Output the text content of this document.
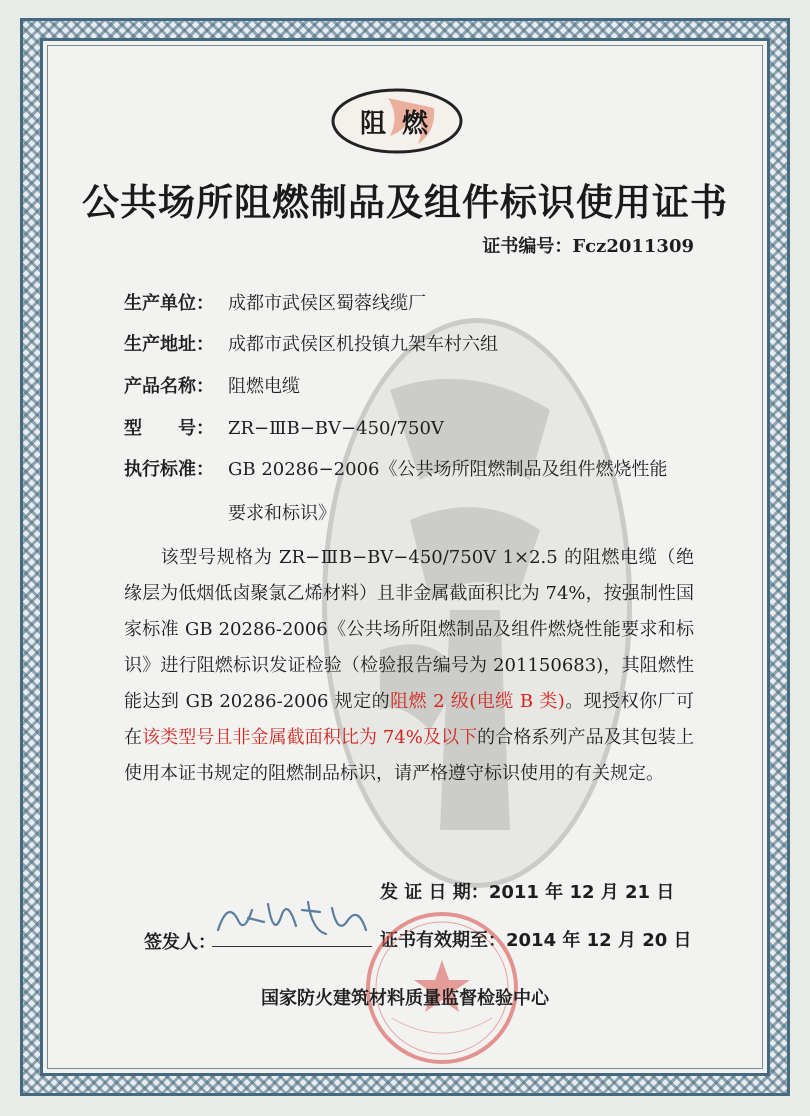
阻 燃
公共场所阻燃制品及组件标识使用证书
证书编号：Fcz2011309
生产单位： 成都市武侯区蜀蓉线缆厂
生产地址： 成都市武侯区机投镇九架车村六组
产品名称： 阻燃电缆
型　　号： ZR−ⅢB−BV−450/750V
执行标准： GB 20286−2006《公共场所阻燃制品及组件燃烧性能
要求和标识》
该型号规格为 ZR−ⅢB−BV−450/750V 1×2.5 的阻燃电缆（绝缘层为低烟低卤聚氯乙烯材料）且非金属截面积比为 74%，按强制性国家标准 GB 20286-2006《公共场所阻燃制品及组件燃烧性能要求和标识》进行阻燃标识发证检验（检验报告编号为 201150683)，其阻燃性能达到 GB 20286-2006 规定的阻燃 2 级(电缆 B 类)。现授权你厂可在该类型号且非金属截面积比为 74%及以下的合格系列产品及其包装上使用本证书规定的阻燃制品标识，请严格遵守标识使用的有关规定。
发 证 日 期：2011 年 12 月 21 日
签发人：	证书有效期至：2014 年 12 月 20 日
国家防火建筑材料质量监督检验中心
